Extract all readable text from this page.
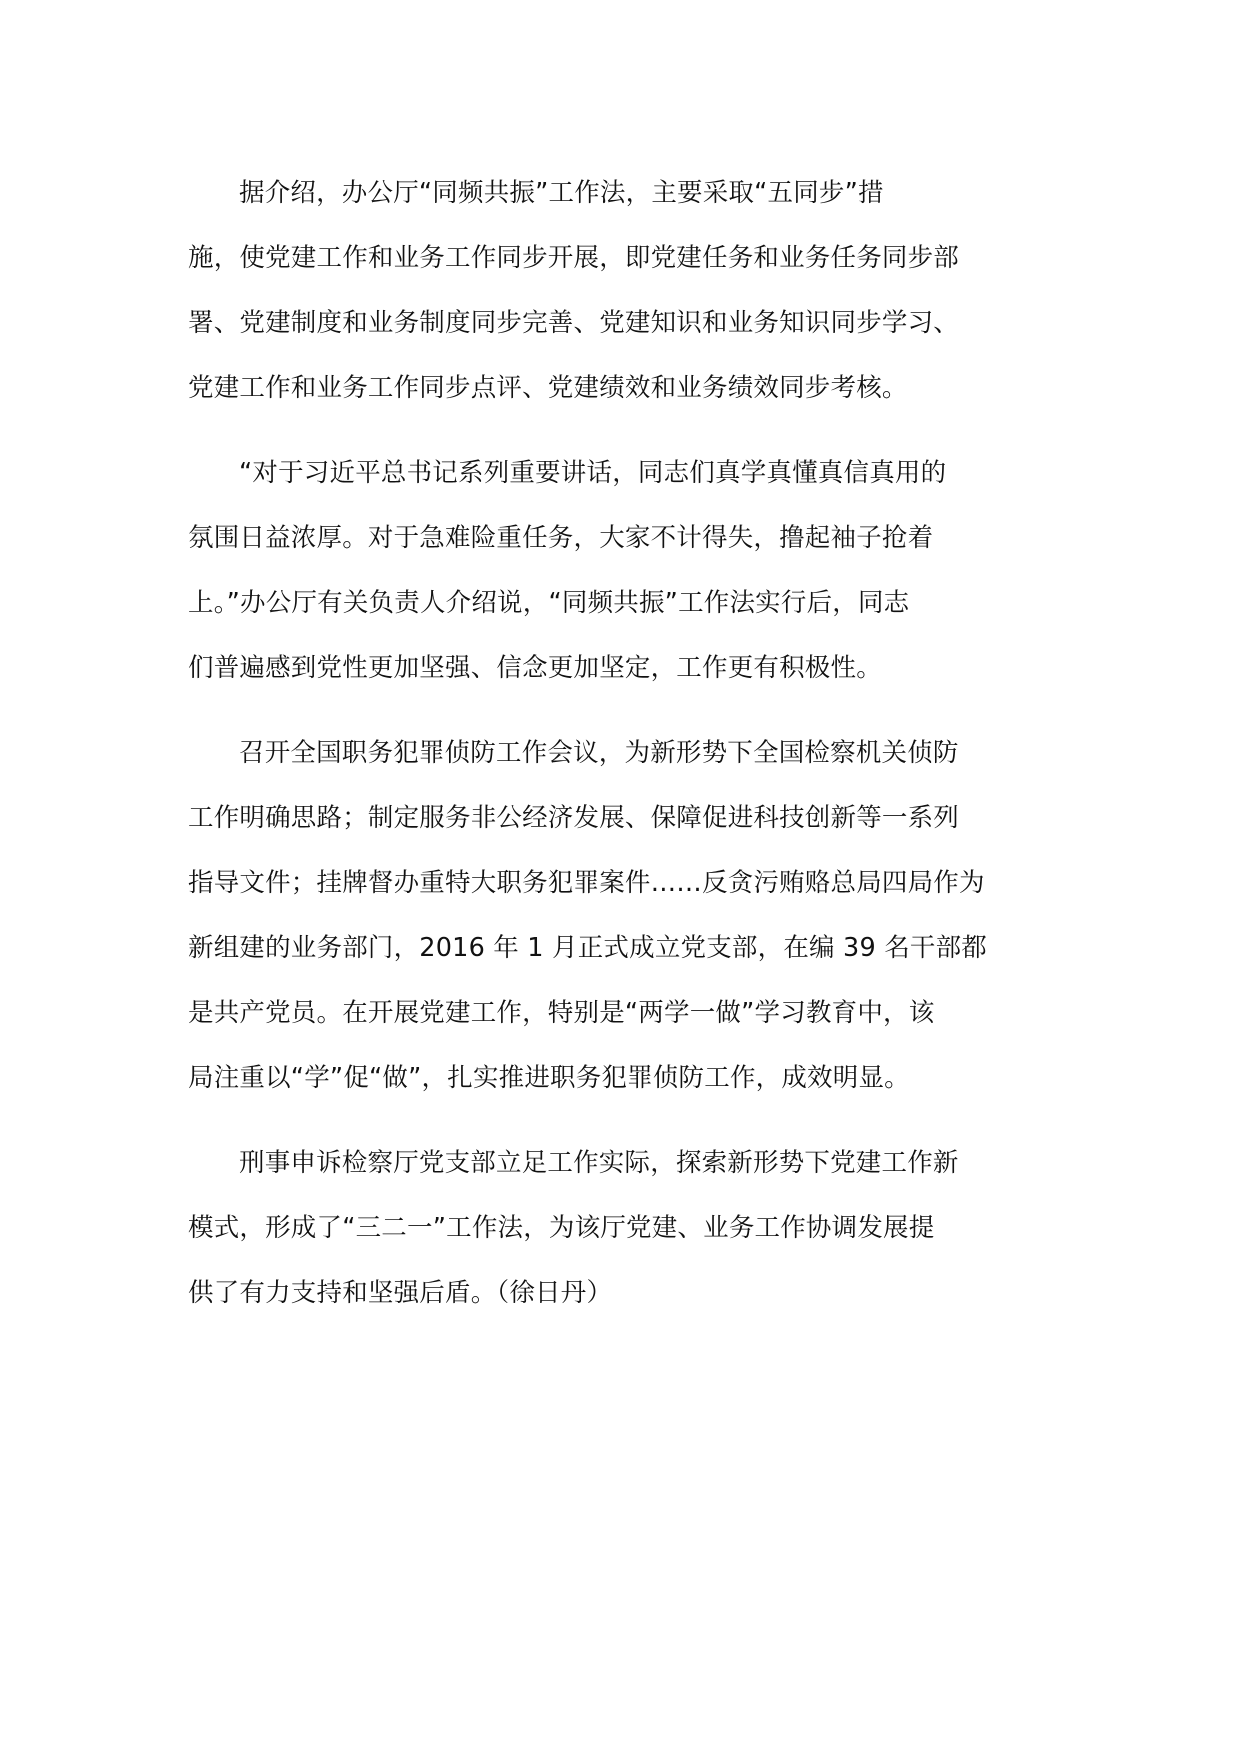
据介绍，办公厅“同频共振”工作法，主要采取“五同步”措
施，使党建工作和业务工作同步开展，即党建任务和业务任务同步部
署、党建制度和业务制度同步完善、党建知识和业务知识同步学习、
党建工作和业务工作同步点评、党建绩效和业务绩效同步考核。

“对于习近平总书记系列重要讲话，同志们真学真懂真信真用的
氛围日益浓厚。对于急难险重任务，大家不计得失，撸起袖子抢着
上。”办公厅有关负责人介绍说，“同频共振”工作法实行后，同志
们普遍感到党性更加坚强、信念更加坚定，工作更有积极性。

召开全国职务犯罪侦防工作会议，为新形势下全国检察机关侦防
工作明确思路；制定服务非公经济发展、保障促进科技创新等一系列
指导文件；挂牌督办重特大职务犯罪案件……反贪污贿赂总局四局作为
新组建的业务部门，2016 年 1 月正式成立党支部，在编 39 名干部都
是共产党员。在开展党建工作，特别是“两学一做”学习教育中，该
局注重以“学”促“做”，扎实推进职务犯罪侦防工作，成效明显。

刑事申诉检察厅党支部立足工作实际，探索新形势下党建工作新
模式，形成了“三二一”工作法，为该厅党建、业务工作协调发展提
供了有力支持和坚强后盾。（徐日丹）
